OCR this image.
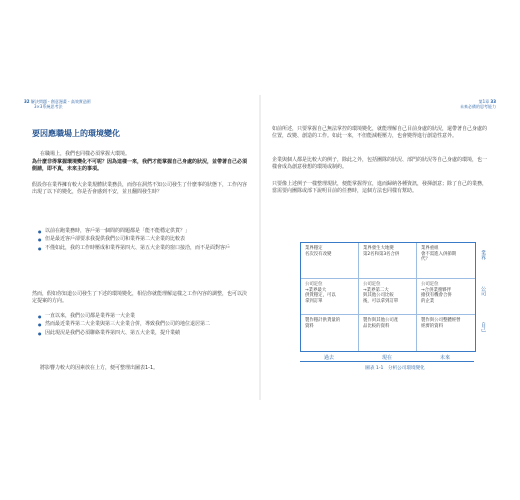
32 解決問題・創意漫畫・高效實造術
3×3系統思考法
要因應職場上的環境變化
在職場上，我們也同樣必須掌握大環境。
為什麼非得掌握環境變化不可呢？因為這樣一來，我們才能掌握自己身處的狀況，並帶著自己必須側請，即不真，未來主的事項。
假設你在業界擁有較大企業規體狀業務員，而你在洞然不知公司發生了什麼事的狀態下，工作內容出現了以下的變化，你是否會感到不安，並且翻問發生時？
● 以前在跑業務時，客戶第一個問的問題都是「能不能穩定供貨？」
● 但是最近客戶卻要求我提供我們公司和業界第二大企業的比較表
● 不僅如此，我的工作時壓成和業界第四大、第五大企業的窗口接洽，而不是面對客戶
然而，假如你知道公司發生了下述的環境變化，相信你就能理解這樣之工作內容的調整，也可以決定提案的方向。
● 一直以來，我們公司都是業界第一大企業
● 然而最近業界第二大企業與第三大企業合併，導致我們公司的地位退居第二
● 因此現況是我們必須聯絡業界第四大、第五大企業，提升業績
將影響力較大的因素放在上方，便可整理出圖表1-1。
第1章 33
未來必備的思考能力
如前所述，只要掌握自己無法掌控的環境變化，就能理解自己目前身處的狀況，還帶著自己身處的位置，改變、創造的工作。如此一來，不但能減輕壓力，也會變得進行創造性意外。
企業與個人都是比較大的例子，除此之外，包括團隊的狀況、部門的狀況等自己身處的環境，也一樣會成為創意發想的環境或制約。
只要像上述例子一樣整理現狀，便能掌握得宜，進而歸納各種資訊，發揮創意；除了自己的業務，當需要向團隊或部下說明目前的任務時，這個方法也同樣有幫助。
業界穩定
名次沒有改變
業界發生大地變
第2名和第3名合併
業界重組
會不需進入併節期
代？
公司定位
→業界最大
供貨穩定，可以
拿到訂單
公司定位
→業界第二大
與其他公司比較
後，可以拿到訂單
公司定位
→合併業務夥伴
搶找有機會合併
的企業
製作穩計供貨量的
資料
製作與其他公司產
品比較的資料
製作與公司整體經營
經濟的資料
業界
公司
自己
過去	現在	未來
圖表 1-1　分析公司環境變化
